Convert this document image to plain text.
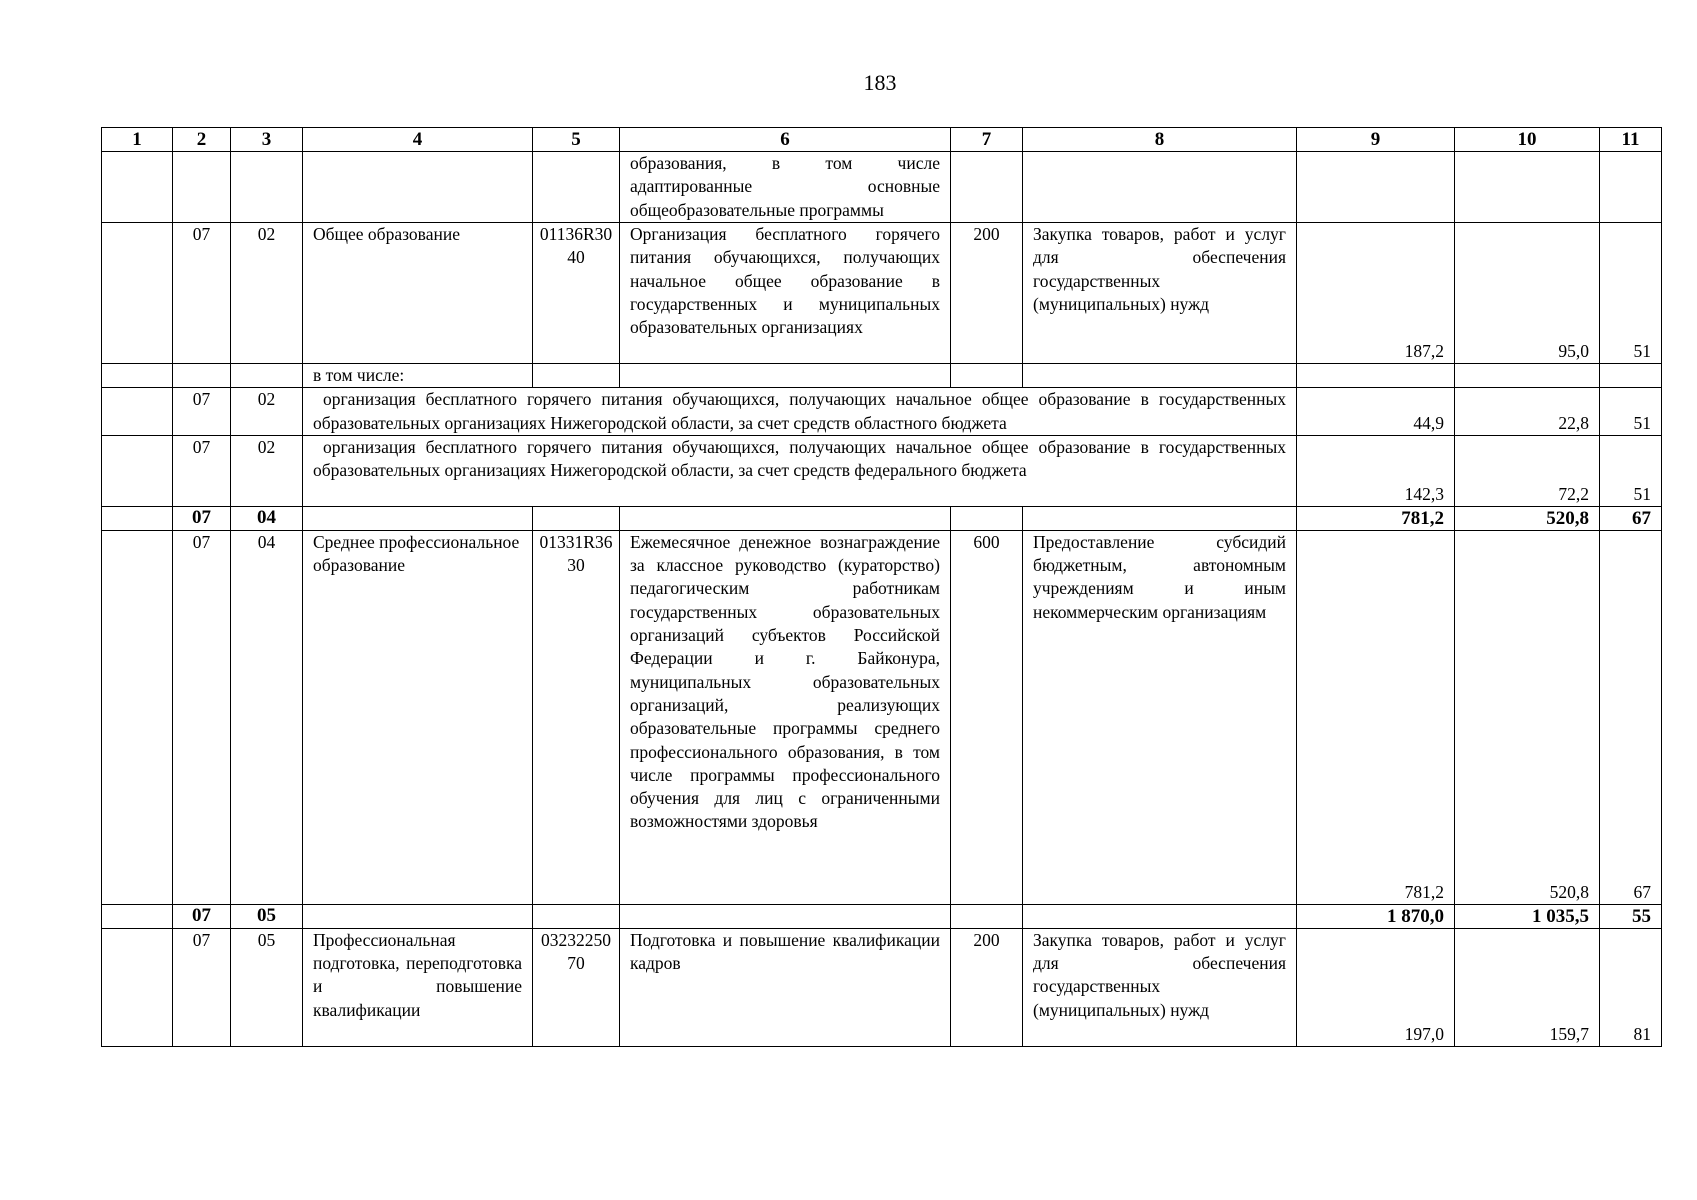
183
1	2	3	4	5	6	7	8	9	10	11
					образования, в том числе адаптированные основные общеобразовательные программы					
	07	02	Общее образование	01136R3040	Организация бесплатного горячего питания обучающихся, получающих начальное общее образование в государственных и муниципальных образовательных организациях	200	Закупка товаров, работ и услуг для обеспечения государственных (муниципальных) нужд	187,2	95,0	51
			в том числе:							
	07	02	организация бесплатного горячего питания обучающихся, получающих начальное общее образование в государственных образовательных организациях Нижегородской области, за счет средств областного бюджета					44,9	22,8	51
	07	02	организация бесплатного горячего питания обучающихся, получающих начальное общее образование в государственных образовательных организациях Нижегородской области, за счет средств федерального бюджета					142,3	72,2	51
	07	04						781,2	520,8	67
	07	04	Среднее профессиональное образование	01331R3630	Ежемесячное денежное вознаграждение за классное руководство (кураторство) педагогическим работникам государственных образовательных организаций субъектов Российской Федерации и г. Байконура, муниципальных образовательных организаций, реализующих образовательные программы среднего профессионального образования, в том числе программы профессионального обучения для лиц с ограниченными возможностями здоровья	600	Предоставление субсидий бюджетным, автономным учреждениям и иным некоммерческим организациям	781,2	520,8	67
	07	05						1 870,0	1 035,5	55
	07	05	Профессиональная подготовка, переподготовка и повышение квалификации	0323225070	Подготовка и повышение квалификации кадров	200	Закупка товаров, работ и услуг для обеспечения государственных (муниципальных) нужд	197,0	159,7	81
